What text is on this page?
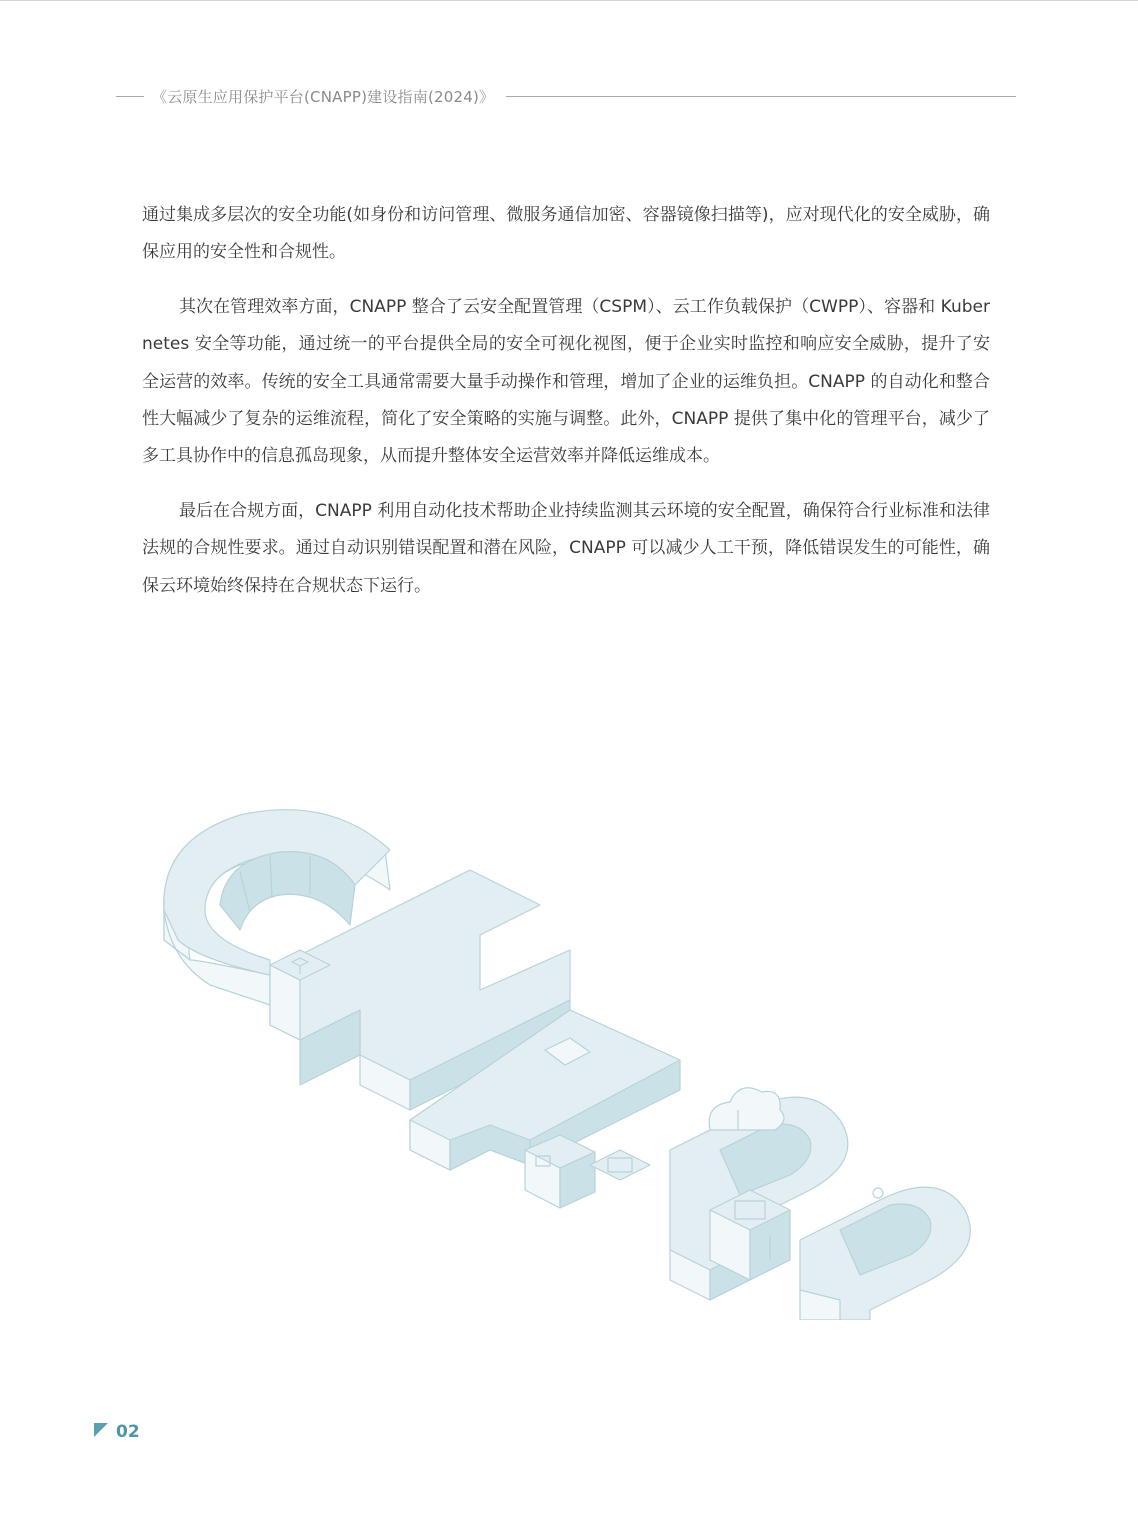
《云原生应用保护平台(CNAPP)建设指南(2024)》

通过集成多层次的安全功能(如身份和访问管理、微服务通信加密、容器镜像扫描等)，应对现代化的安全威胁，确保应用的安全性和合规性。

其次在管理效率方面，CNAPP 整合了云安全配置管理（CSPM）、云工作负载保护（CWPP）、容器和 Kubernetes 安全等功能，通过统一的平台提供全局的安全可视化视图，便于企业实时监控和响应安全威胁，提升了安全运营的效率。传统的安全工具通常需要大量手动操作和管理，增加了企业的运维负担。CNAPP 的自动化和整合性大幅减少了复杂的运维流程，简化了安全策略的实施与调整。此外，CNAPP 提供了集中化的管理平台，减少了多工具协作中的信息孤岛现象，从而提升整体安全运营效率并降低运维成本。

最后在合规方面，CNAPP 利用自动化技术帮助企业持续监测其云环境的安全配置，确保符合行业标准和法律法规的合规性要求。通过自动识别错误配置和潜在风险，CNAPP 可以减少人工干预，降低错误发生的可能性，确保云环境始终保持在合规状态下运行。

02
